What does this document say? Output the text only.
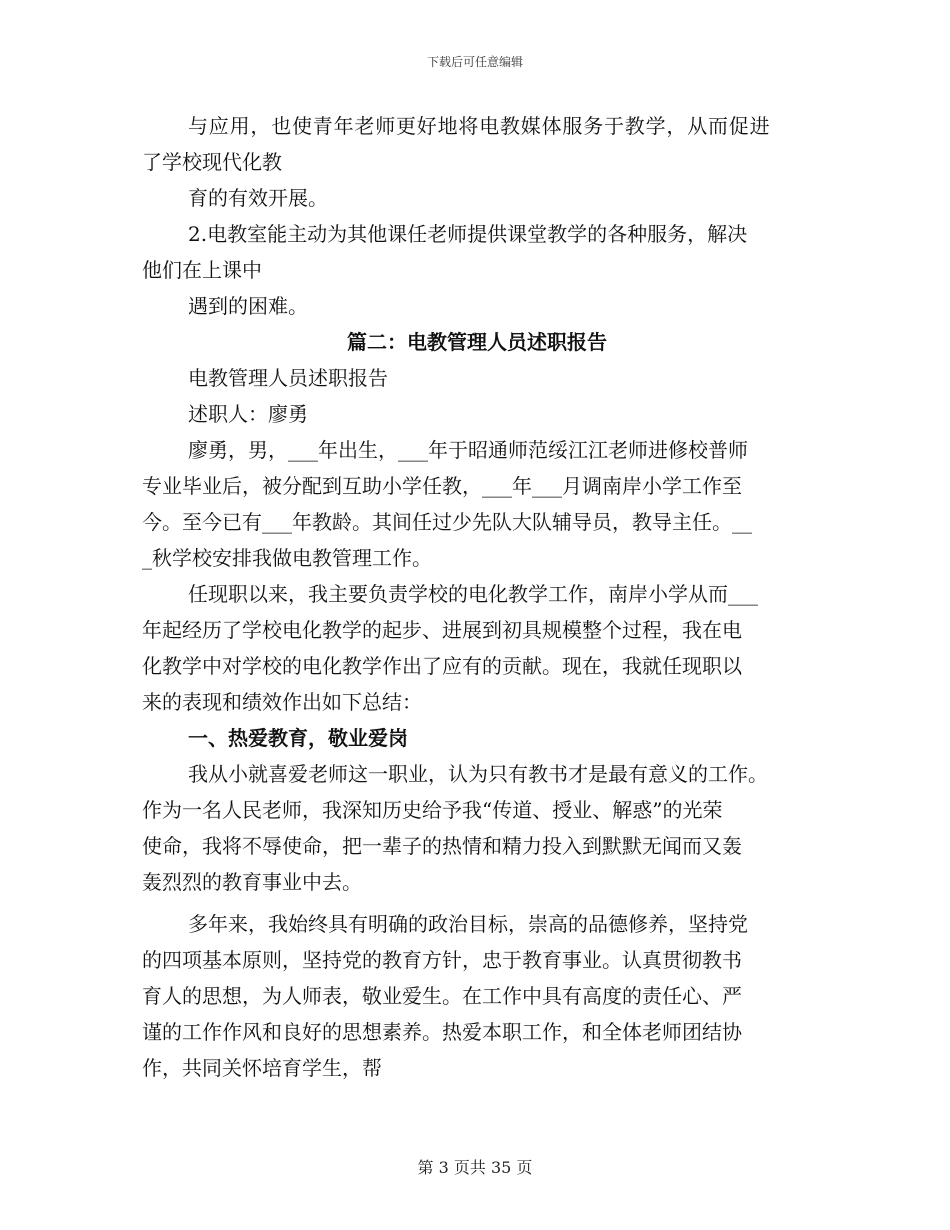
下载后可任意编辑
与应用，也使青年老师更好地将电教媒体服务于教学，从而促进
了学校现代化教
育的有效开展。
2.电教室能主动为其他课任老师提供课堂教学的各种服务，解决
他们在上课中
遇到的困难。
篇二：电教管理人员述职报告
电教管理人员述职报告
述职人：廖勇
廖勇，男，___年出生，___年于昭通师范绥江江老师进修校普师
专业毕业后，被分配到互助小学任教，___年___月调南岸小学工作至
今。至今已有___年教龄。其间任过少先队大队辅导员，教导主任。__
_秋学校安排我做电教管理工作。
任现职以来，我主要负责学校的电化教学工作，南岸小学从而___
年起经历了学校电化教学的起步、进展到初具规模整个过程，我在电
化教学中对学校的电化教学作出了应有的贡献。现在，我就任现职以
来的表现和绩效作出如下总结：
一、热爱教育，敬业爱岗
我从小就喜爱老师这一职业，认为只有教书才是最有意义的工作。
作为一名人民老师，我深知历史给予我“传道、授业、解惑”的光荣
使命，我将不辱使命，把一辈子的热情和精力投入到默默无闻而又轰
轰烈烈的教育事业中去。
多年来，我始终具有明确的政治目标，崇高的品德修养，坚持党
的四项基本原则，坚持党的教育方针，忠于教育事业。认真贯彻教书
育人的思想，为人师表，敬业爱生。在工作中具有高度的责任心、严
谨的工作作风和良好的思想素养。热爱本职工作，和全体老师团结协
作，共同关怀培育学生，帮
第 3 页共 35 页
